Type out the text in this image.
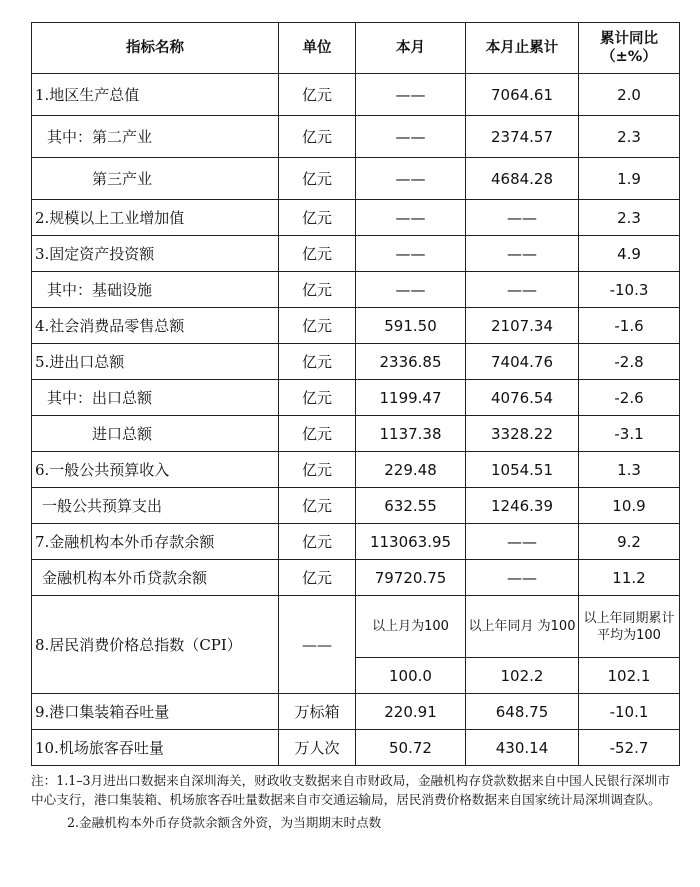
指标名称	单位	本月	本月止累计	累计同比
（±%）
1.地区生产总值	亿元	——	7064.61	2.0
其中：第二产业	亿元	——	2374.57	2.3
第三产业	亿元	——	4684.28	1.9
2.规模以上工业增加值	亿元	——	——	2.3
3.固定资产投资额	亿元	——	——	4.9
其中：基础设施	亿元	——	——	-10.3
4.社会消费品零售总额	亿元	591.50	2107.34	-1.6
5.进出口总额	亿元	2336.85	7404.76	-2.8
其中：出口总额	亿元	1199.47	4076.54	-2.6
进口总额	亿元	1137.38	3328.22	-3.1
6.一般公共预算收入	亿元	229.48	1054.51	1.3
一般公共预算支出	亿元	632.55	1246.39	10.9
7.金融机构本外币存款余额	亿元	113063.95	——	9.2
金融机构本外币贷款余额	亿元	79720.75	——	11.2
8.居民消费价格总指数（CPI）	——	以上月为100	以上年同月 为100	以上年同期累计平均为100
		100.0	102.2	102.1
9.港口集装箱吞吐量	万标箱	220.91	648.75	-10.1
10.机场旅客吞吐量	万人次	50.72	430.14	-52.7

注：1.1–3月进出口数据来自深圳海关，财政收支数据来自市财政局，金融机构存贷款数据来自中国人民银行深圳市中心支行，港口集装箱、机场旅客吞吐量数据来自市交通运输局，居民消费价格数据来自国家统计局深圳调查队。

2.金融机构本外币存贷款余额含外资，为当期期末时点数
